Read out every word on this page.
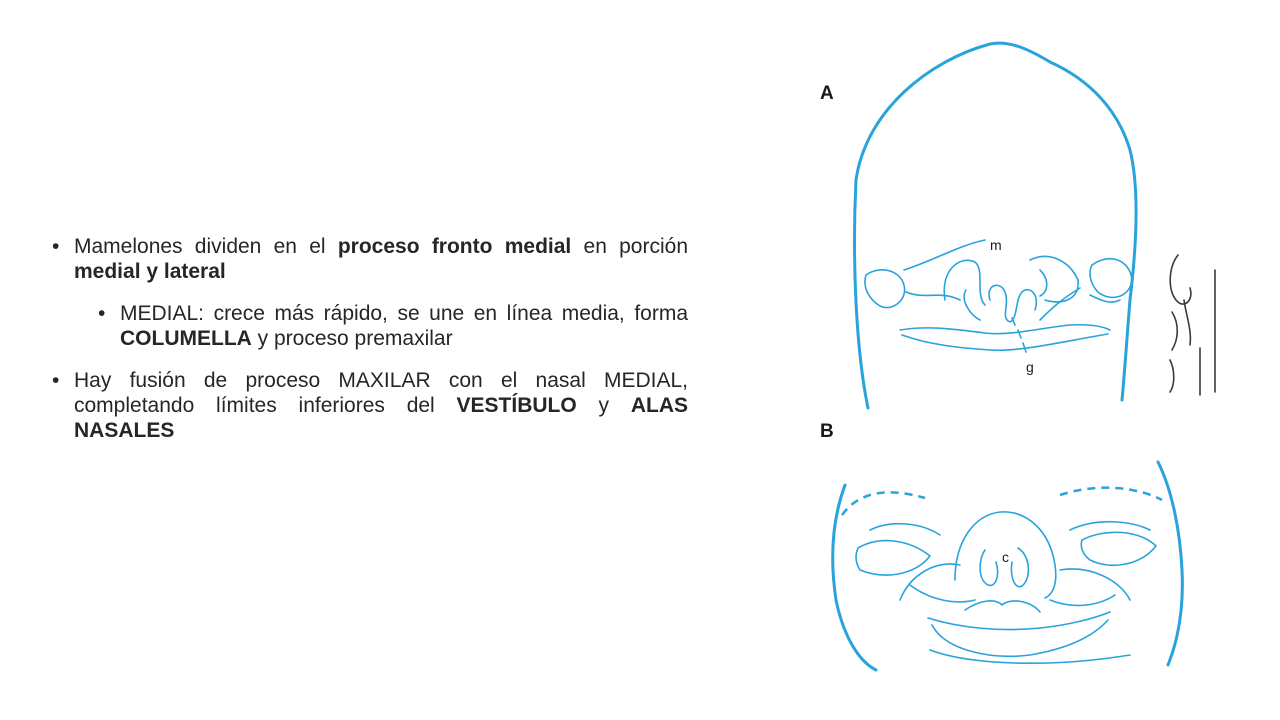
• Mamelones dividen en el proceso fronto medial en porción medial y lateral
• MEDIAL: crece más rápido, se une en línea media, forma COLUMELLA y proceso premaxilar
• Hay fusión de proceso MAXILAR con el nasal MEDIAL, completando límites inferiores del VESTÍBULO y ALAS NASALES
A
m
g
B
c
